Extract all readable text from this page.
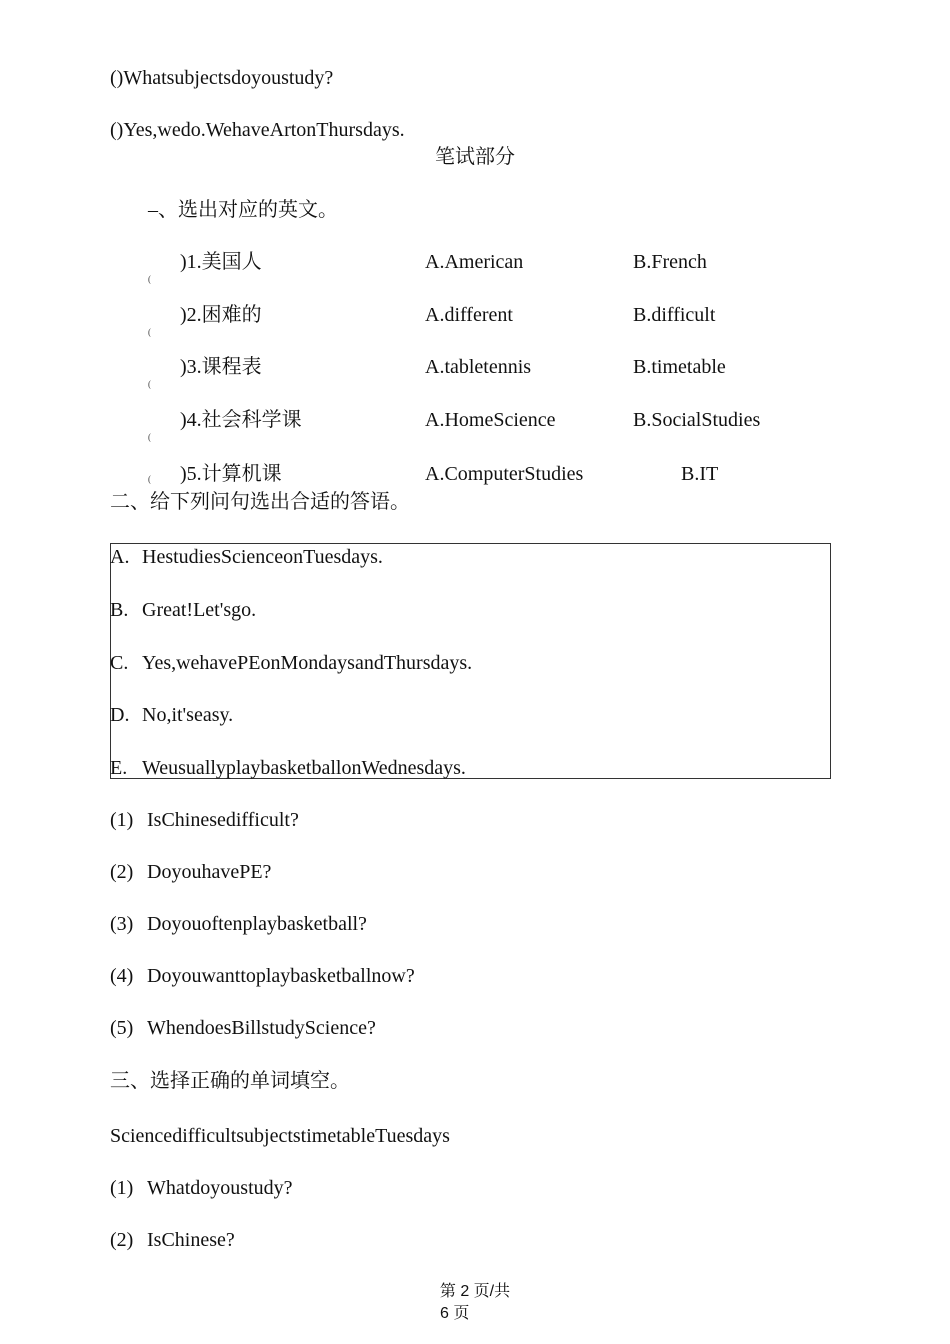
()Whatsubjectsdoyoustudy?
()Yes,wedo.WehaveArtonThursdays.
笔试部分
–、选出对应的英文。
(
)1.美国人	A.American	B.French
(
)2.困难的	A.different	B.difficult
(
)3.课程表	A.tabletennis	B.timetable
(
)4.社会科学课	A.HomeScience	B.SocialStudies
( )5.计算机课	A.ComputerStudies	B.IT
二、给下列问句选出合适的答语。
A. HestudiesScienceonTuesdays.
B. Great!Let'sgo.
C. Yes,wehavePEonMondaysandThursdays.
D. No,it'seasy.
E. WeusuallyplaybasketballonWednesdays.
(1) IsChinesedifficult?
(2) DoyouhavePE?
(3) Doyouoftenplaybasketball?
(4) Doyouwanttoplaybasketballnow?
(5) WhendoesBillstudyScience?
三、选择正确的单词填空。
SciencedifficultsubjectstimetableTuesdays
(1) Whatdoyoustudy?
(2) IsChinese?
第 2 页/共
6 页
